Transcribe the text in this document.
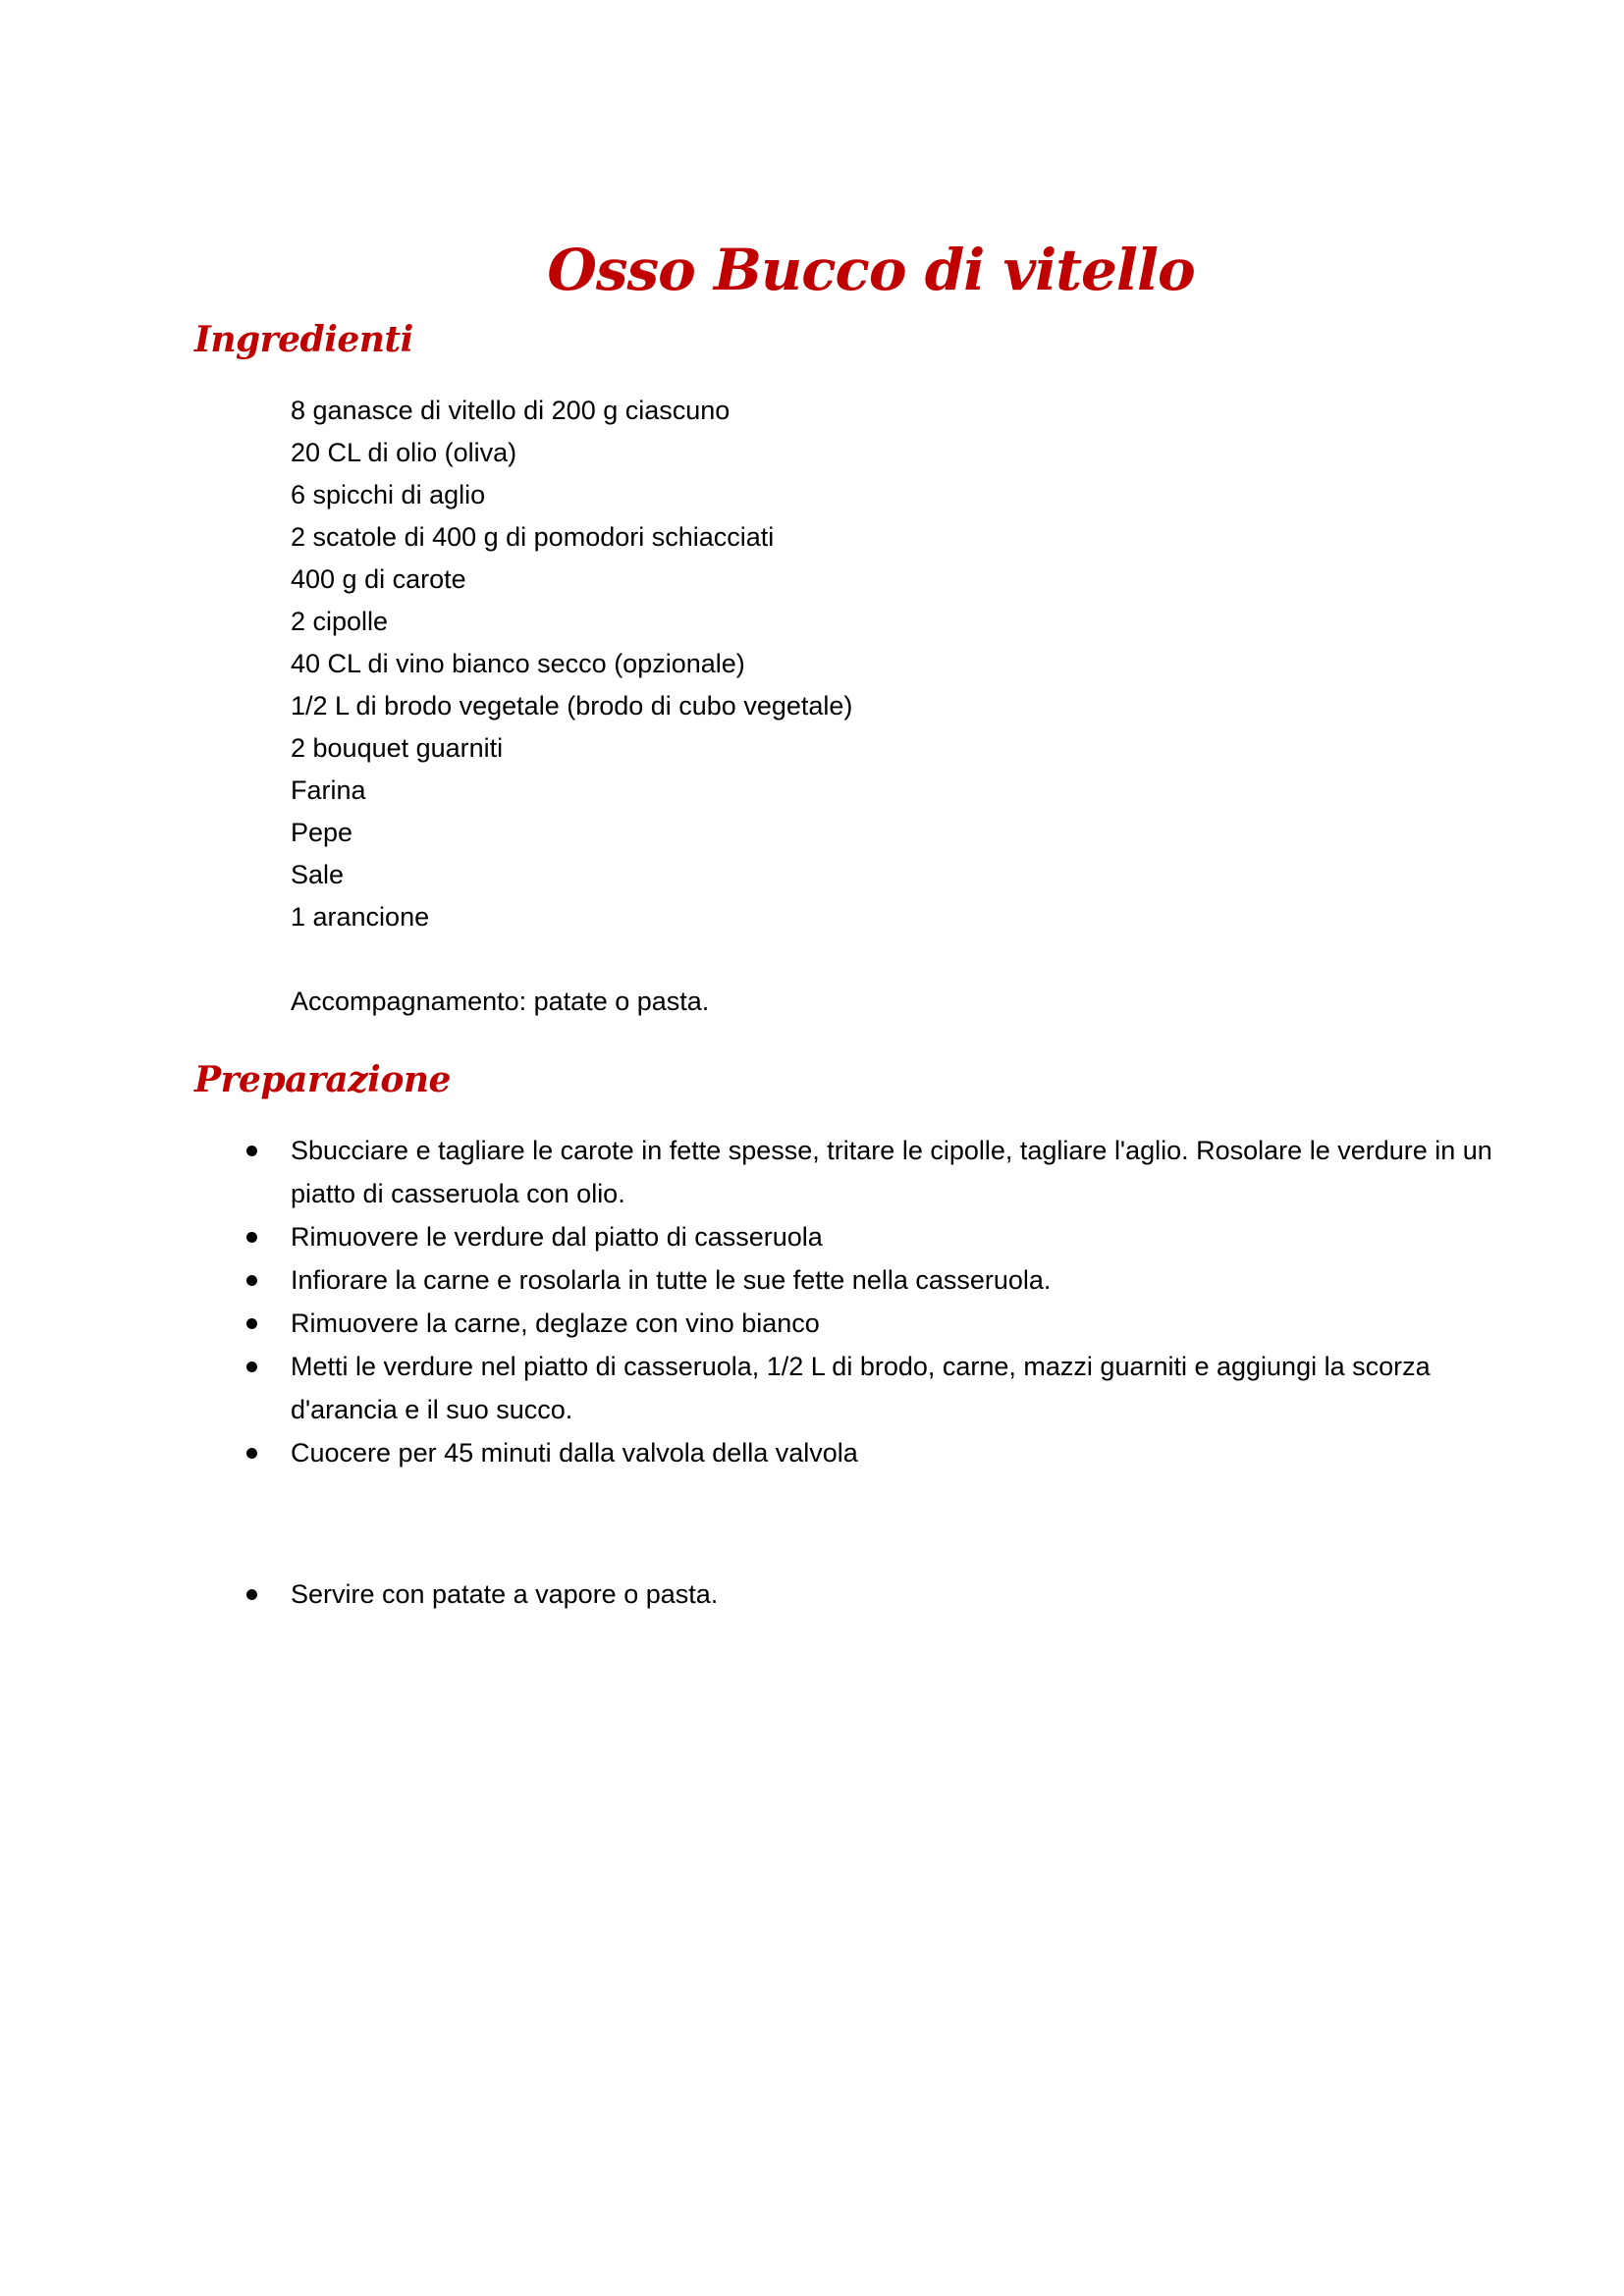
Osso Bucco di vitello
Ingredienti
8 ganasce di vitello di 200 g ciascuno
20 CL di olio (oliva)
6 spicchi di aglio
2 scatole di 400 g di pomodori schiacciati
400 g di carote
2 cipolle
40 CL di vino bianco secco (opzionale)
1/2 L di brodo vegetale (brodo di cubo vegetale)
2 bouquet guarniti
Farina
Pepe
Sale
1 arancione

Accompagnamento: patate o pasta.

Preparazione
Sbucciare e tagliare le carote in fette spesse, tritare le cipolle, tagliare l'aglio. Rosolare le verdure in un piatto di casseruola con olio.
Rimuovere le verdure dal piatto di casseruola
Infiorare la carne e rosolarla in tutte le sue fette nella casseruola.
Rimuovere la carne, deglaze con vino bianco
Metti le verdure nel piatto di casseruola, 1/2 L di brodo, carne, mazzi guarniti e aggiungi la scorza d'arancia e il suo succo.
Cuocere per 45 minuti dalla valvola della valvola
Servire con patate a vapore o pasta.
